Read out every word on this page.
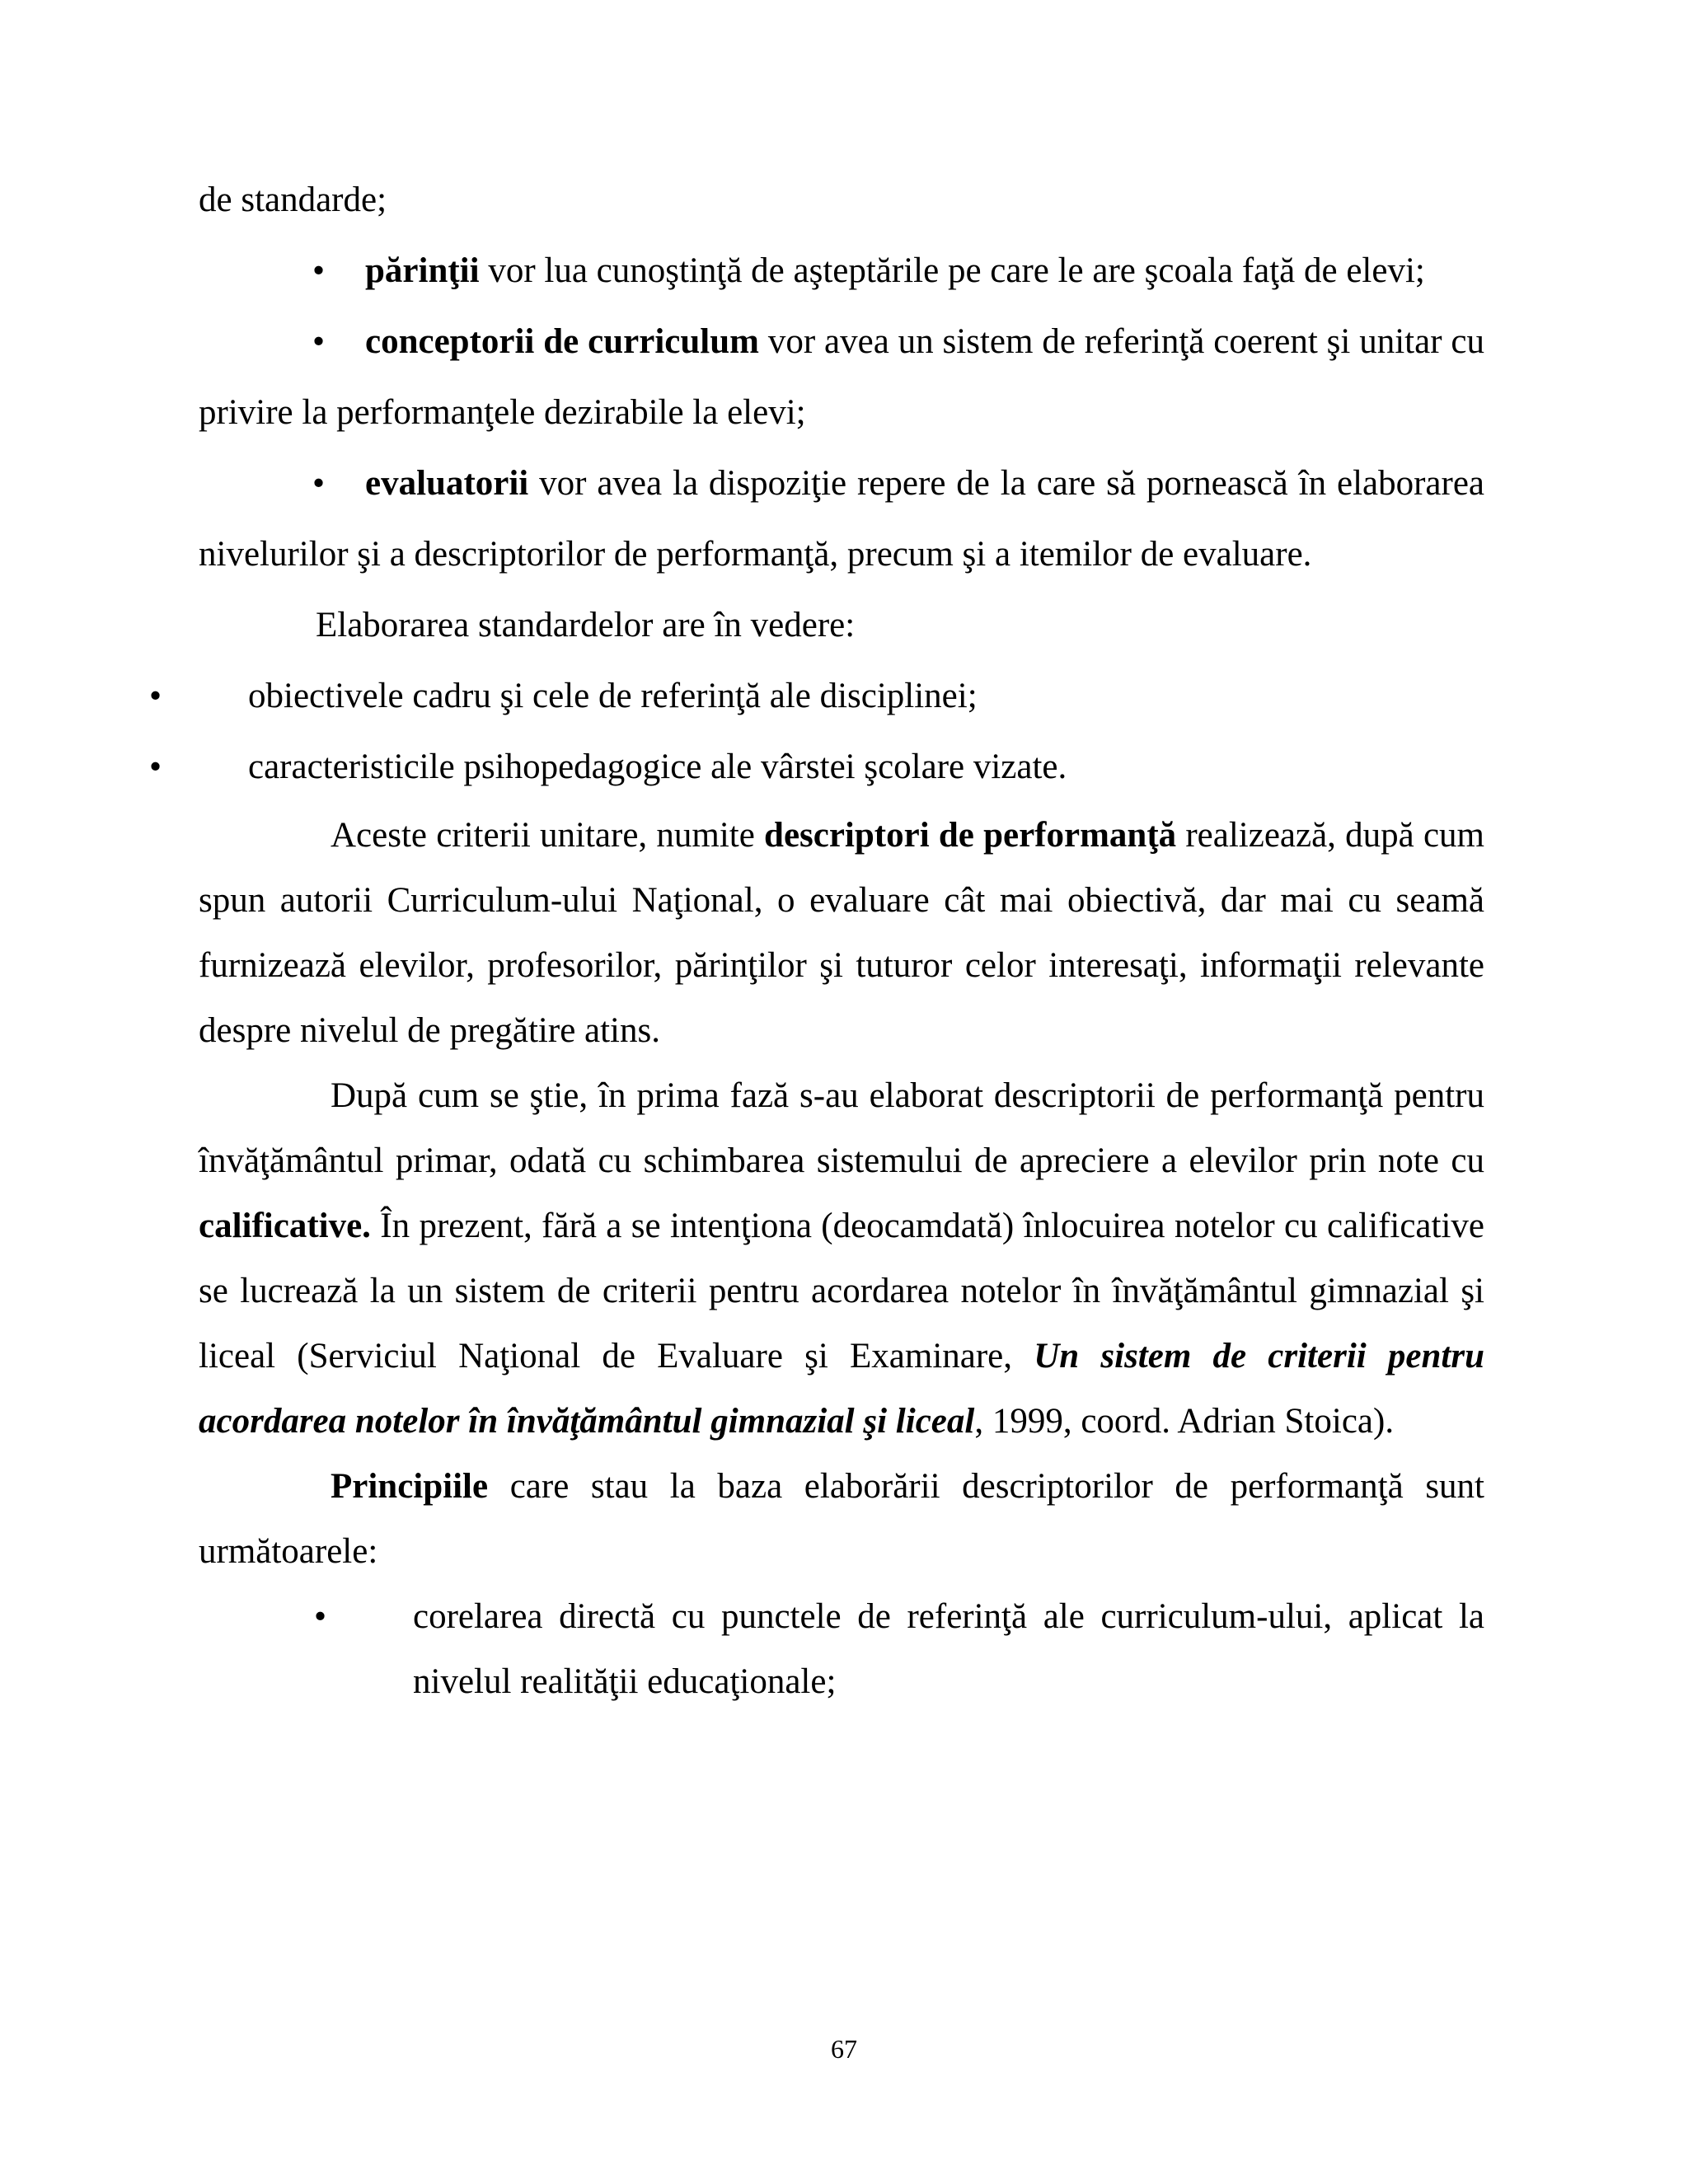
de standarde;

• părinţii vor lua cunoştinţă de aşteptările pe care le are şcoala faţă de elevi;

• conceptorii de curriculum vor avea un sistem de referinţă coerent şi unitar cu privire la performanţele dezirabile la elevi;

• evaluatorii vor avea la dispoziţie repere de la care să pornească în elaborarea nivelurilor şi a descriptorilor de performanţă, precum şi a itemilor de evaluare.

Elaborarea standardelor are în vedere:

• obiectivele cadru şi cele de referinţă ale disciplinei;

• caracteristicile psihopedagogice ale vârstei şcolare vizate.

Aceste criterii unitare, numite descriptori de performanţă realizează, după cum spun autorii Curriculum-ului Naţional, o evaluare cât mai obiectivă, dar mai cu seamă furnizează elevilor, profesorilor, părinţilor şi tuturor celor interesaţi, informaţii relevante despre nivelul de pregătire atins.

După cum se ştie, în prima fază s-au elaborat descriptorii de performanţă pentru învăţământul primar, odată cu schimbarea sistemului de apreciere a elevilor prin note cu calificative. În prezent, fără a se intenţiona (deocamdată) înlocuirea notelor cu calificative se lucrează la un sistem de criterii pentru acordarea notelor în învăţământul gimnazial şi liceal (Serviciul Naţional de Evaluare şi Examinare, Un sistem de criterii pentru acordarea notelor în învăţământul gimnazial şi liceal, 1999, coord. Adrian Stoica).

Principiile care stau la baza elaborării descriptorilor de performanţă sunt următoarele:

• corelarea directă cu punctele de referinţă ale curriculum-ului, aplicat la nivelul realităţii educaţionale;

67
